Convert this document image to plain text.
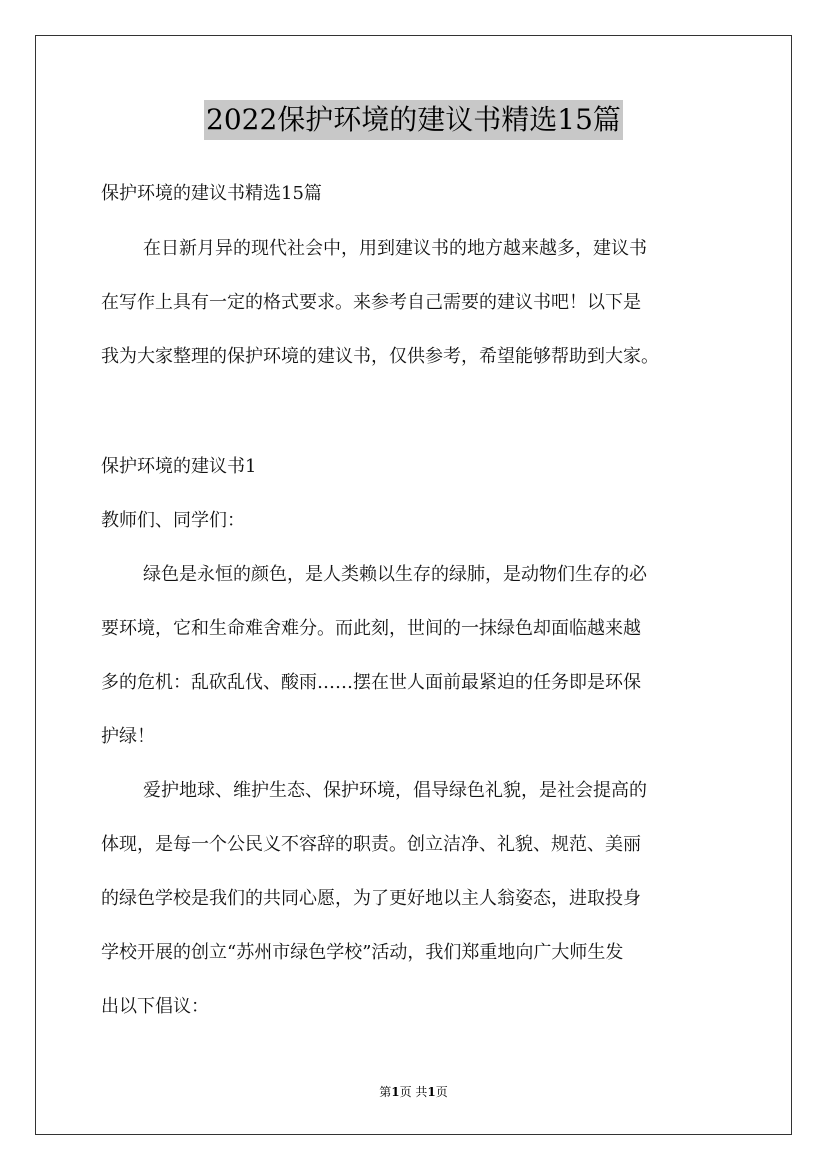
2022保护环境的建议书精选15篇
保护环境的建议书精选15篇
在日新月异的现代社会中，用到建议书的地方越来越多，建议书
在写作上具有一定的格式要求。来参考自己需要的建议书吧！以下是
我为大家整理的保护环境的建议书，仅供参考，希望能够帮助到大家。
保护环境的建议书1
教师们、同学们：
绿色是永恒的颜色，是人类赖以生存的绿肺，是动物们生存的必
要环境，它和生命难舍难分。而此刻，世间的一抹绿色却面临越来越
多的危机：乱砍乱伐、酸雨……摆在世人面前最紧迫的任务即是环保
护绿！
爱护地球、维护生态、保护环境，倡导绿色礼貌，是社会提高的
体现，是每一个公民义不容辞的职责。创立洁净、礼貌、规范、美丽
的绿色学校是我们的共同心愿，为了更好地以主人翁姿态，进取投身
学校开展的创立“苏州市绿色学校”活动，我们郑重地向广大师生发
出以下倡议：
第1页 共1页
